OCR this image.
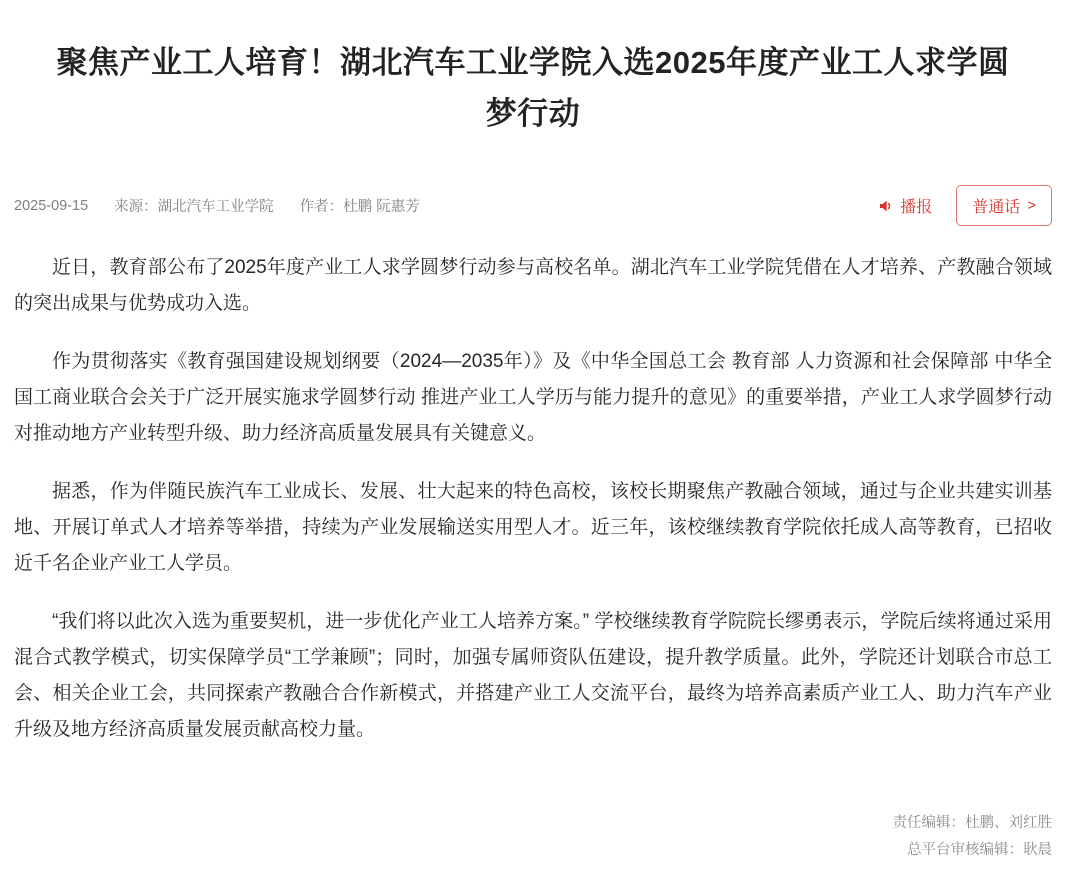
聚焦产业工人培育！湖北汽车工业学院入选2025年度产业工人求学圆梦行动
2025-09-15 来源：湖北汽车工业学院 作者：杜鹏 阮惠芳	播报	普通话 >

近日，教育部公布了2025年度产业工人求学圆梦行动参与高校名单。湖北汽车工业学院凭借在人才培养、产教融合领域的突出成果与优势成功入选。

作为贯彻落实《教育强国建设规划纲要（2024—2035年）》及《中华全国总工会 教育部 人力资源和社会保障部 中华全国工商业联合会关于广泛开展实施求学圆梦行动 推进产业工人学历与能力提升的意见》的重要举措，产业工人求学圆梦行动对推动地方产业转型升级、助力经济高质量发展具有关键意义。

据悉，作为伴随民族汽车工业成长、发展、壮大起来的特色高校，该校长期聚焦产教融合领域，通过与企业共建实训基地、开展订单式人才培养等举措，持续为产业发展输送实用型人才。近三年，该校继续教育学院依托成人高等教育，已招收近千名企业产业工人学员。

“我们将以此次入选为重要契机，进一步优化产业工人培养方案。” 学校继续教育学院院长缪勇表示，学院后续将通过采用混合式教学模式，切实保障学员“工学兼顾”；同时，加强专属师资队伍建设，提升教学质量。此外，学院还计划联合市总工会、相关企业工会，共同探索产教融合合作新模式，并搭建产业工人交流平台，最终为培养高素质产业工人、助力汽车产业升级及地方经济高质量发展贡献高校力量。

责任编辑：杜鹏、刘红胜
总平台审核编辑：耿晨
